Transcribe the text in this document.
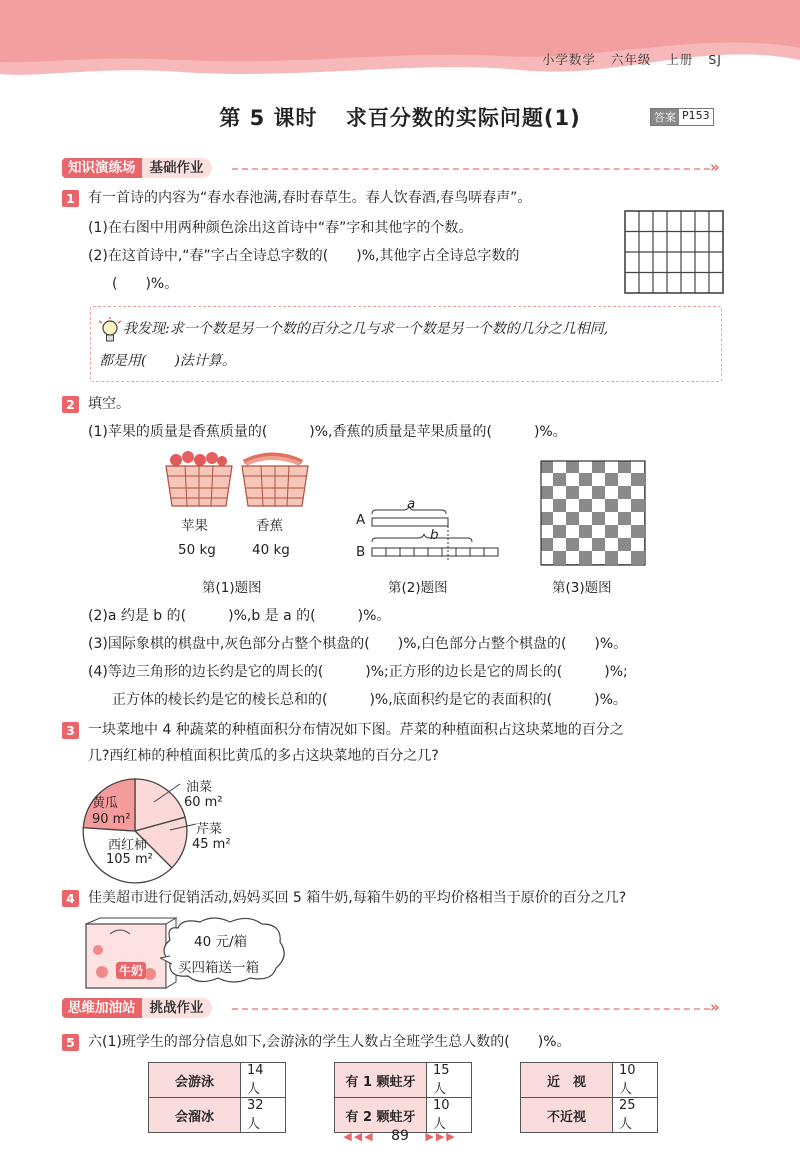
小学数学 六年级 上册 SJ
第 5 课时 求百分数的实际问题(1)	答案 P153
知识演练场	基础作业	»
1 有一首诗的内容为“春水春池满,春时春草生。春人饮春酒,春鸟哢春声”。
(1)在右图中用两种颜色涂出这首诗中“春”字和其他字的个数。
(2)在这首诗中,“春”字占全诗总字数的(　　)%,其他字占全诗总字数的
(　　)%。
我发现:求一个数是另一个数的百分之几与求一个数是另一个数的几分之几相同,
都是用(　　)法计算。
2 填空。
(1)苹果的质量是香蕉质量的(　　　)%,香蕉的质量是苹果质量的(　　　)%。
苹果	香蕉
50 kg	40 kg
第(1)题图
A
B
a
b
第(2)题图	第(3)题图
(2)a 约是 b 的(　　　)%,b 是 a 的(　　　)%。
(3)国际象棋的棋盘中,灰色部分占整个棋盘的(　　)%,白色部分占整个棋盘的(　　)%。
(4)等边三角形的边长约是它的周长的(　　　)%;正方形的边长是它的周长的(　　　)%;
正方体的棱长约是它的棱长总和的(　　　)%,底面积约是它的表面积的(　　　)%。
3 一块菜地中 4 种蔬菜的种植面积分布情况如下图。芹菜的种植面积占这块菜地的百分之
几?西红柿的种植面积比黄瓜的多占这块菜地的百分之几?
黄瓜
90 m²
西红柿
105 m²
油菜
60 m²
芹菜
45 m²
4 佳美超市进行促销活动,妈妈买回 5 箱牛奶,每箱牛奶的平均价格相当于原价的百分之几?
牛奶
40 元/箱
买四箱送一箱
思维加油站	挑战作业	»
5 六(1)班学生的部分信息如下,会游泳的学生人数占全班学生总人数的(　　)%。
会游泳	14 人
会溜冰	32 人
有 1 颗蛀牙	15 人
有 2 颗蛀牙	10 人
近　视	10 人
不近视	25 人
◀◀◀ 89 ▶▶▶
